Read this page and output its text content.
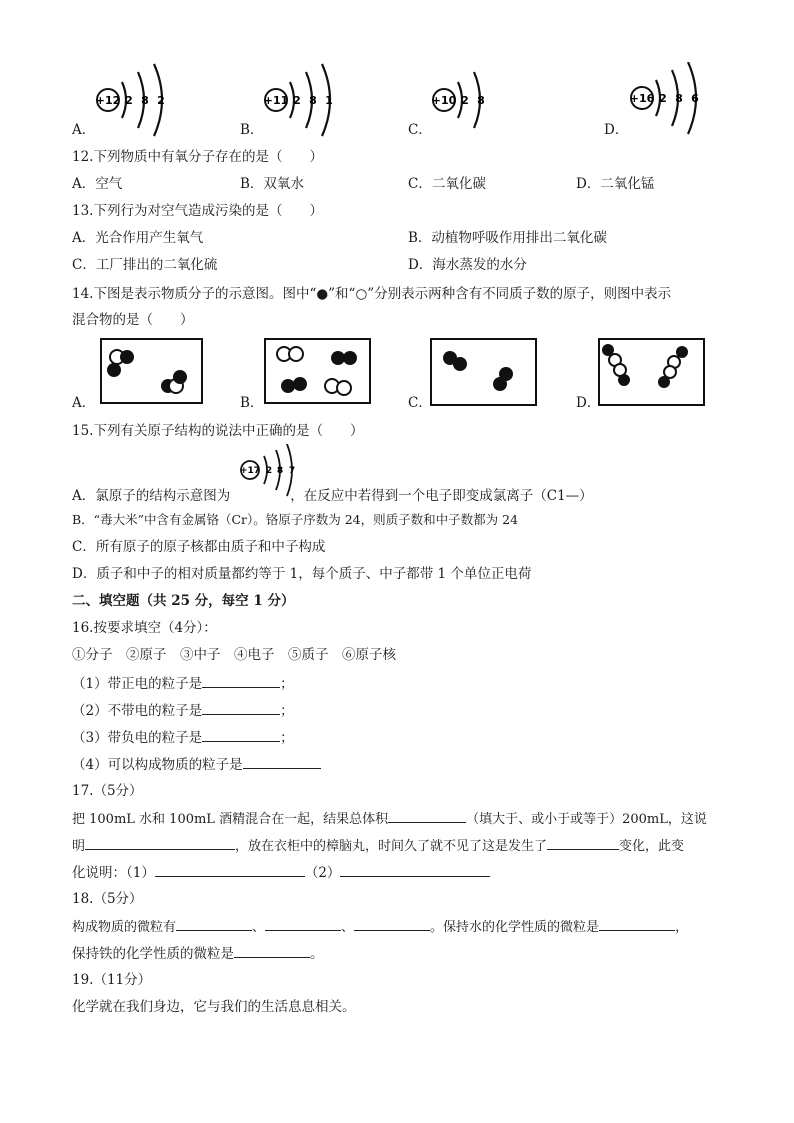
A．
+12 2 8 2
B．
+11 2 8 1
C．
+10 2 8
D．
+16 2 8 6
12.下列物质中有氧分子存在的是（　　）
A．空气	B．双氧水	C．二氧化碳	D．二氧化锰
13.下列行为对空气造成污染的是（　　）
A．光合作用产生氧气	B．动植物呼吸作用排出二氧化碳
C．工厂排出的二氧化硫	D．海水蒸发的水分
14.下图是表示物质分子的示意图。图中“●”和“○”分别表示两种含有不同质子数的原子，则图中表示
混合物的是（　　）
A．	B．	C．	D．
15.下列有关原子结构的说法中正确的是（　　）
+17 2 8 7
A．氯原子的结构示意图为	，在反应中若得到一个电子即变成氯离子（C1—）
B．“毒大米”中含有金属铬（Cr）。铬原子序数为 24，则质子数和中子数都为 24
C．所有原子的原子核都由质子和中子构成
D．质子和中子的相对质量都约等于 1，每个质子、中子都带 1 个单位正电荷
二、填空题（共 25 分，每空 1 分）
16.按要求填空（4分）：
①分子　②原子　③中子　④电子　⑤质子　⑥原子核
（1）带正电的粒子是	；
（2）不带电的粒子是	；
（3）带负电的粒子是	；
（4）可以构成物质的粒子是
17.（5分）
把 100mL 水和 100mL 酒精混合在一起，结果总体积	（填大于、或小于或等于）200mL，这说
明	，放在衣柜中的樟脑丸，时间久了就不见了这是发生了	变化，此变
化说明：（1）	（2）
18.（5分）
构成物质的微粒有	、	、	。保持水的化学性质的微粒是	，
保持铁的化学性质的微粒是	。
19.（11分）
化学就在我们身边，它与我们的生活息息相关。
